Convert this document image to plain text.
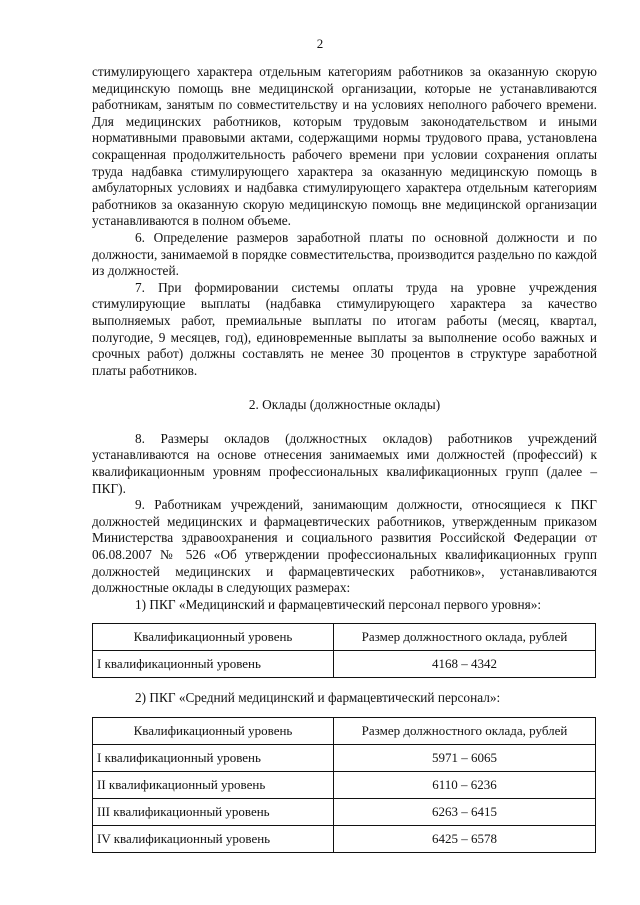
2

стимулирующего характера отдельным категориям работников за оказанную скорую медицинскую помощь вне медицинской организации, которые не устанавливаются работникам, занятым по совместительству и на условиях неполного рабочего времени. Для медицинских работников, которым трудовым законодательством и иными нормативными правовыми актами, содержащими нормы трудового права, установлена сокращенная продолжительность рабочего времени при условии сохранения оплаты труда надбавка стимулирующего характера за оказанную медицинскую помощь в амбулаторных условиях и надбавка стимулирующего характера отдельным категориям работников за оказанную скорую медицинскую помощь вне медицинской организации устанавливаются в полном объеме.

6. Определение размеров заработной платы по основной должности и по должности, занимаемой в порядке совместительства, производится раздельно по каждой из должностей.

7. При формировании системы оплаты труда на уровне учреждения стимулирующие выплаты (надбавка стимулирующего характера за качество выполняемых работ, премиальные выплаты по итогам работы (месяц, квартал, полугодие, 9 месяцев, год), единовременные выплаты за выполнение особо важных и срочных работ) должны составлять не менее 30 процентов в структуре заработной платы работников.

2. Оклады (должностные оклады)

8. Размеры окладов (должностных окладов) работников учреждений устанавливаются на основе отнесения занимаемых ими должностей (профессий) к квалификационным уровням профессиональных квалификационных групп (далее – ПКГ).

9. Работникам учреждений, занимающим должности, относящиеся к ПКГ должностей медицинских и фармацевтических работников, утвержденным приказом Министерства здравоохранения и социального развития Российской Федерации от 06.08.2007 № 526 «Об утверждении профессиональных квалификационных групп должностей медицинских и фармацевтических работников», устанавливаются должностные оклады в следующих размерах:

1) ПКГ «Медицинский и фармацевтический персонал первого уровня»:

Квалификационный уровень	Размер должностного оклада, рублей
I квалификационный уровень	4168 – 4342

2) ПКГ «Средний медицинский и фармацевтический персонал»:

Квалификационный уровень	Размер должностного оклада, рублей
I квалификационный уровень	5971 – 6065
II квалификационный уровень	6110 – 6236
III квалификационный уровень	6263 – 6415
IV квалификационный уровень	6425 – 6578
